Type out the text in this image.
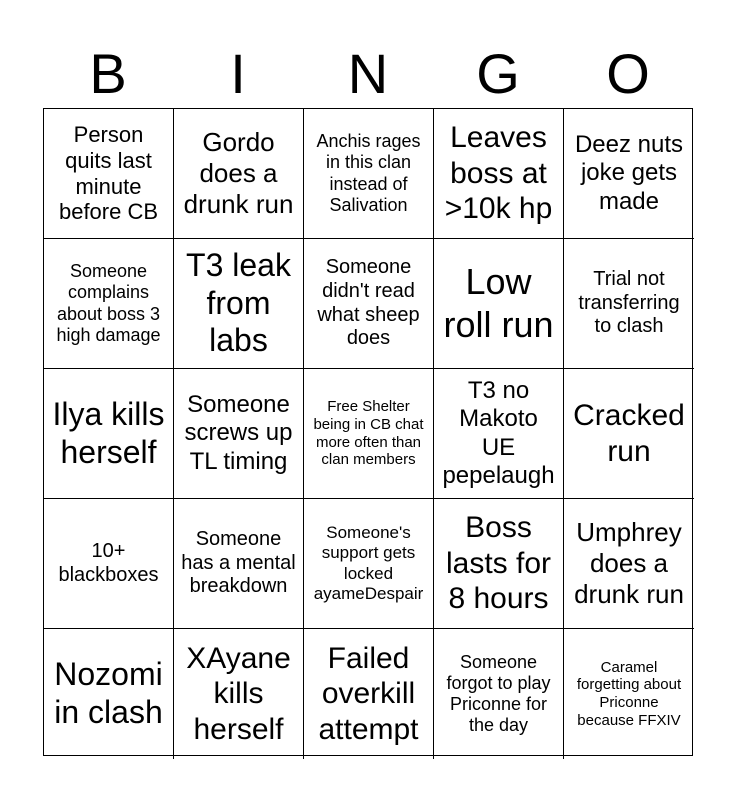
B	I	N	G	O
Person quits last minute before CB
Gordo does a drunk run
Anchis rages in this clan instead of Salivation
Leaves boss at >10k hp
Deez nuts joke gets made
Someone complains about boss 3 high damage
T3 leak from labs
Someone didn't read what sheep does
Low roll run
Trial not transferring to clash
Ilya kills herself
Someone screws up TL timing
Free Shelter being in CB chat more often than clan members
T3 no Makoto UE pepelaugh
Cracked run
10+ blackboxes
Someone has a mental breakdown
Someone's support gets locked ayameDespair
Boss lasts for 8 hours
Umphrey does a drunk run
Nozomi in clash
XAyane kills herself
Failed overkill attempt
Someone forgot to play Priconne for the day
Caramel forgetting about Priconne because FFXIV
